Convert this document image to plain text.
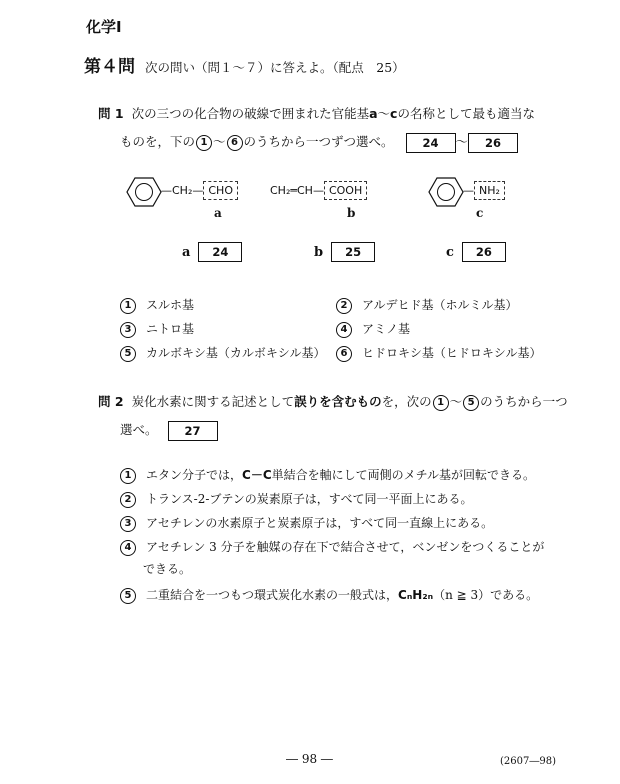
化学Ⅰ
第４問 次の問い（問１～７）に答えよ。（配点　25）
問 1 次の三つの化合物の破線で囲まれた官能基a～cの名称として最も適当な
ものを，下の 1 ～ 6 のうちから一つずつ選べ。	24 ～ 26
—CH₂— CHO
a
CH₂═CH— COOH
b
— NH₂
c
a 24	b 25	c 26
1 スルホ基	2 アルデヒド基（ホルミル基）
3 ニトロ基	4 アミノ基
5 カルボキシ基（カルボキシル基）	6 ヒドロキシ基（ヒドロキシル基）
問 2 炭化水素に関する記述として誤りを含むものを，次の 1 ～ 5 のうちから一つ
選べ。 27
1 エタン分子では，C－C単結合を軸にして両側のメチル基が回転できる。
2 トランス-2-ブテンの炭素原子は，すべて同一平面上にある。
3 アセチレンの水素原子と炭素原子は，すべて同一直線上にある。
4 アセチレン 3 分子を触媒の存在下で結合させて，ベンゼンをつくることが
できる。
5 二重結合を一つもつ環式炭化水素の一般式は，CₙH₂ₙ（n ≧ 3）である。
― 98 ―	(2607―98)
